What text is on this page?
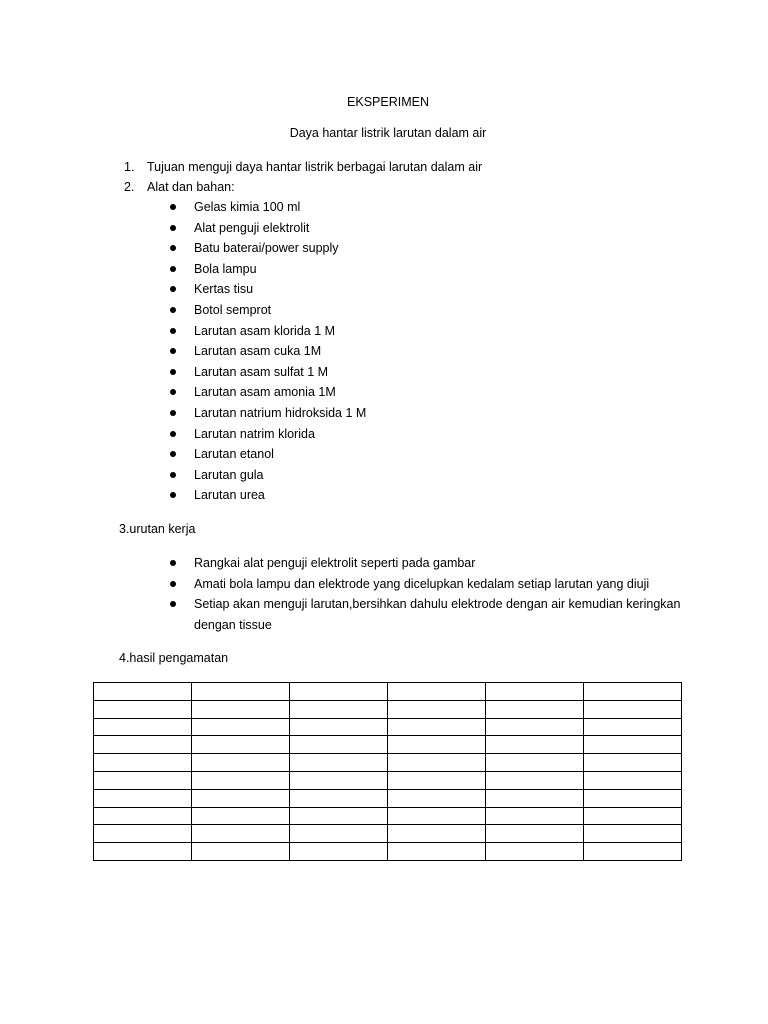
EKSPERIMEN
Daya hantar listrik larutan dalam air
1. Tujuan menguji daya hantar listrik berbagai larutan dalam air
2. Alat dan bahan:
Gelas kimia 100 ml
Alat penguji elektrolit
Batu baterai/power supply
Bola lampu
Kertas tisu
Botol semprot
Larutan asam klorida 1 M
Larutan asam cuka 1M
Larutan asam sulfat 1 M
Larutan asam amonia 1M
Larutan natrium hidroksida 1 M
Larutan natrim klorida
Larutan etanol
Larutan gula
Larutan urea
3.urutan kerja
Rangkai alat penguji elektrolit seperti pada gambar
Amati bola lampu dan elektrode yang dicelupkan kedalam setiap larutan yang diuji
Setiap akan menguji larutan,bersihkan dahulu elektrode dengan air kemudian keringkan dengan tissue
4.hasil pengamatan
